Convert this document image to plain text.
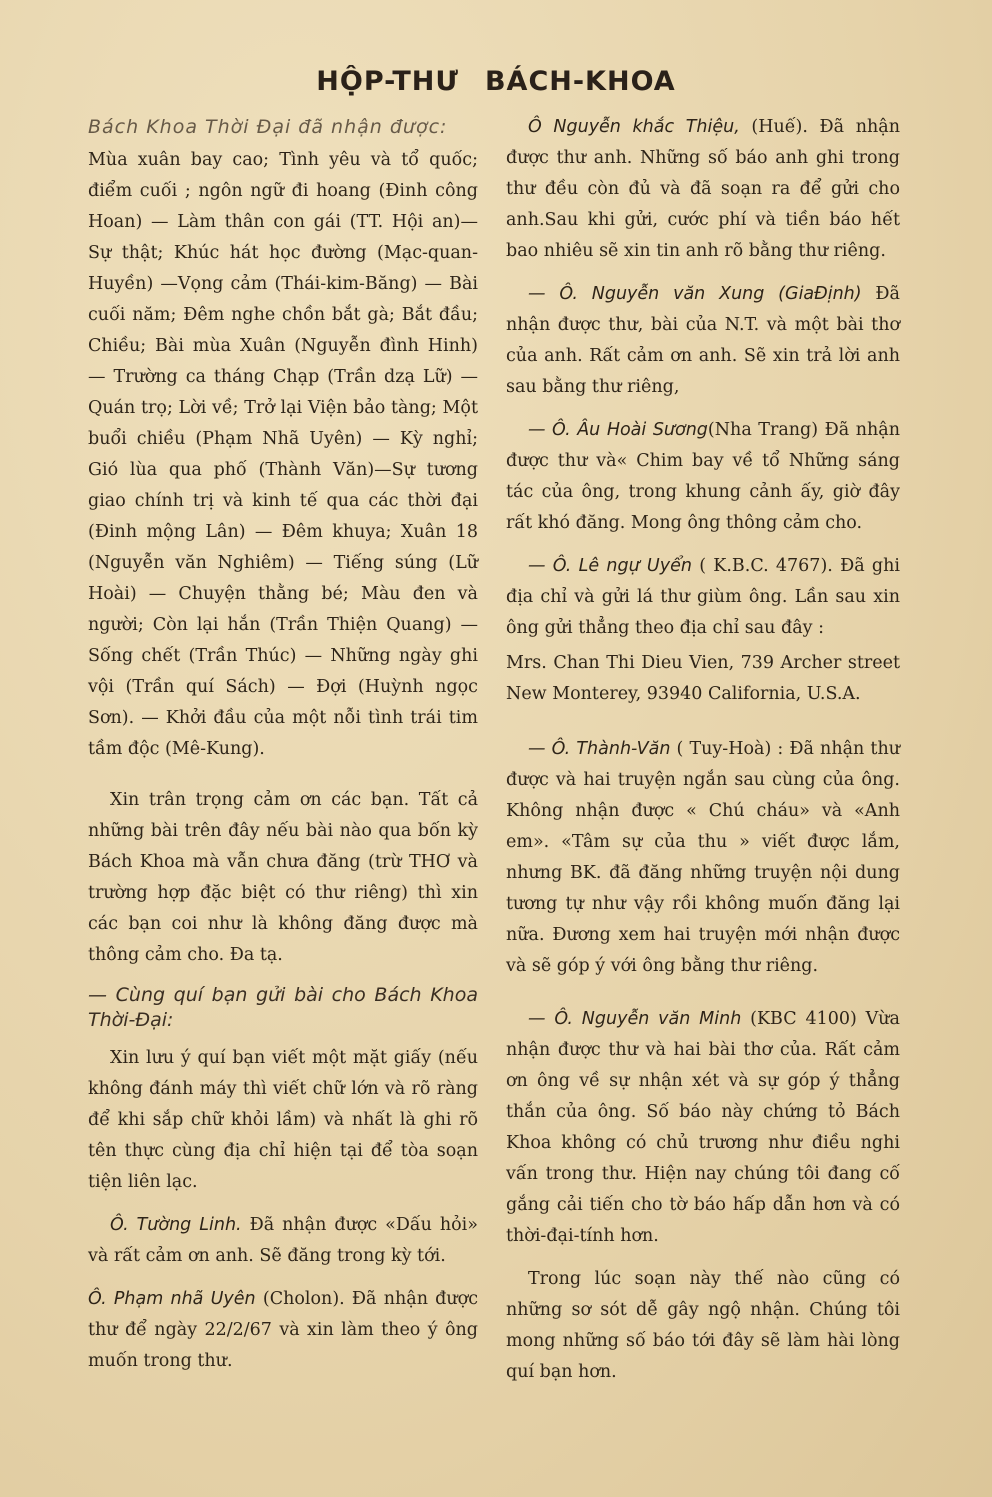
HỘP-THƯ BÁCH-KHOA

Bách Khoa Thời Đại đã nhận được:

Mùa xuân bay cao; Tình yêu và tổ quốc; điểm cuối ; ngôn ngữ đi hoang (Đinh công Hoan) — Làm thân con gái (TT. Hội an)— Sự thật; Khúc hát học đường (Mạc-quan-Huyền) —Vọng cảm (Thái-kim-Băng) — Bài cuối năm; Đêm nghe chồn bắt gà; Bắt đầu; Chiều; Bài mùa Xuân (Nguyễn đình Hinh) — Trường ca tháng Chạp (Trần dzạ Lữ) — Quán trọ; Lời về; Trở lại Viện bảo tàng; Một buổi chiều (Phạm Nhã Uyên) — Kỳ nghỉ; Gió lùa qua phố (Thành Văn)—Sự tương giao chính trị và kinh tế qua các thời đại (Đinh mộng Lân) — Đêm khuya; Xuân 18 (Nguyễn văn Nghiêm) — Tiếng súng (Lữ Hoài) — Chuyện thằng bé; Màu đen và người; Còn lại hắn (Trần Thiện Quang) — Sống chết (Trần Thúc) — Những ngày ghi vội (Trần quí Sách) — Đợi (Huỳnh ngọc Sơn). — Khởi đầu của một nỗi tình trái tim tầm độc (Mê-Kung).

Xin trân trọng cảm ơn các bạn. Tất cả những bài trên đây nếu bài nào qua bốn kỳ Bách Khoa mà vẫn chưa đăng (trừ THƠ và trường hợp đặc biệt có thư riêng) thì xin các bạn coi như là không đăng được mà thông cảm cho. Đa tạ.

— Cùng quí bạn gửi bài cho Bách Khoa Thời-Đại:

Xin lưu ý quí bạn viết một mặt giấy (nếu không đánh máy thì viết chữ lớn và rõ ràng để khi sắp chữ khỏi lầm) và nhất là ghi rõ tên thực cùng địa chỉ hiện tại để tòa soạn tiện liên lạc.

Ô. Tường Linh. Đã nhận được «Dấu hỏi» và rất cảm ơn anh. Sẽ đăng trong kỳ tới.

Ô. Phạm nhã Uyên (Cholon). Đã nhận được thư để ngày 22/2/67 và xin làm theo ý ông muốn trong thư.

Ô Nguyễn khắc Thiệu, (Huế). Đã nhận được thư anh. Những số báo anh ghi trong thư đều còn đủ và đã soạn ra để gửi cho anh.Sau khi gửi, cước phí và tiền báo hết bao nhiêu sẽ xin tin anh rõ bằng thư riêng.

— Ô. Nguyễn văn Xung (GiaĐịnh) Đã nhận được thư, bài của N.T. và một bài thơ của anh. Rất cảm ơn anh. Sẽ xin trả lời anh sau bằng thư riêng,

— Ô. Âu Hoài Sương(Nha Trang) Đã nhận được thư và« Chim bay về tổ Những sáng tác của ông, trong khung cảnh ấy, giờ đây rất khó đăng. Mong ông thông cảm cho.

— Ô. Lê ngự Uyển ( K.B.C. 4767). Đã ghi địa chỉ và gửi lá thư giùm ông. Lần sau xin ông gửi thẳng theo địa chỉ sau đây :

Mrs. Chan Thi Dieu Vien, 739 Archer street New Monterey, 93940 California, U.S.A.

— Ô. Thành-Văn ( Tuy-Hoà) : Đã nhận thư được và hai truyện ngắn sau cùng của ông. Không nhận được « Chú cháu» và «Anh em». «Tâm sự của thu » viết được lắm, nhưng BK. đã đăng những truyện nội dung tương tự như vậy rồi không muốn đăng lại nữa. Đương xem hai truyện mới nhận được và sẽ góp ý với ông bằng thư riêng.

— Ô. Nguyễn văn Minh (KBC 4100) Vừa nhận được thư và hai bài thơ của. Rất cảm ơn ông về sự nhận xét và sự góp ý thẳng thắn của ông. Số báo này chứng tỏ Bách Khoa không có chủ trương như điều nghi vấn trong thư. Hiện nay chúng tôi đang cố gắng cải tiến cho tờ báo hấp dẫn hơn và có thời-đại-tính hơn.

Trong lúc soạn này thế nào cũng có những sơ sót dễ gây ngộ nhận. Chúng tôi mong những số báo tới đây sẽ làm hài lòng quí bạn hơn.
